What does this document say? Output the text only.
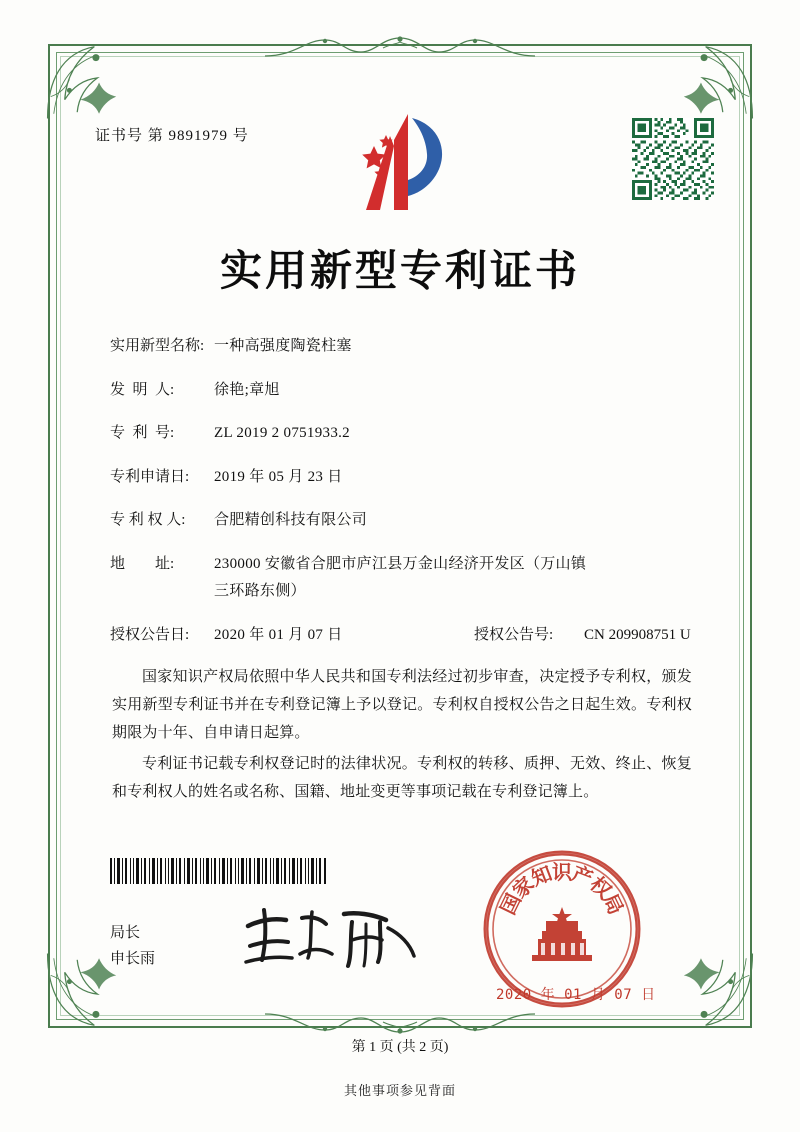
证书号 第 9891979 号
实用新型专利证书
实用新型名称: 一种高强度陶瓷柱塞
发  明  人:	徐艳;章旭
专  利  号:	ZL 2019 2 0751933.2
专利申请日:	2019 年 05 月 23 日
专 利 权 人:	合肥精创科技有限公司
地        址:	230000 安徽省合肥市庐江县万金山经济开发区（万山镇
三环路东侧）
授权公告日:	2020 年 01 月 07 日	授权公告号:	CN 209908751 U

国家知识产权局依照中华人民共和国专利法经过初步审查，决定授予专利权，颁发实用新型专利证书并在专利登记簿上予以登记。专利权自授权公告之日起生效。专利权期限为十年、自申请日起算。

专利证书记载专利权登记时的法律状况。专利权的转移、质押、无效、终止、恢复和专利权人的姓名或名称、国籍、地址变更等事项记载在专利登记簿上。

局长
申长雨
国
家
知
识
产
权
局
2020 年 01 月 07 日
第 1 页 (共 2 页)
其他事项参见背面
